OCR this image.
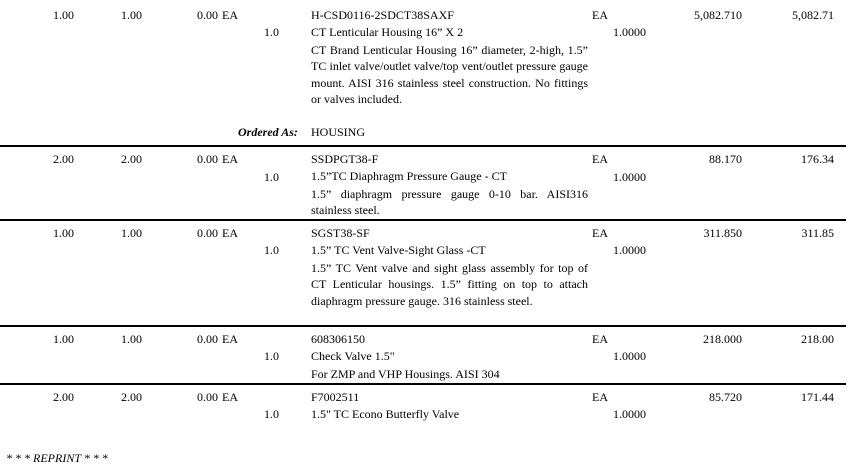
1.00	1.00	0.00 EA	H-CSD0116-2SDCT38SAXF	EA	5,082.710	5,082.71
1.0	CT Lenticular Housing 16” X 2	1.0000
CT Brand Lenticular Housing 16” diameter, 2-high, 1.5” TC inlet valve/outlet valve/top vent/outlet pressure gauge mount. AISI 316 stainless steel construction. No fittings or valves included.
Ordered As: HOUSING
2.00	2.00	0.00 EA	SSDPGT38-F	EA	88.170	176.34
1.0	1.5”TC Diaphragm Pressure Gauge - CT	1.0000
1.5” diaphragm pressure gauge 0-10 bar. AISI316 stainless steel.
1.00	1.00	0.00 EA	SGST38-SF	EA	311.850	311.85
1.0	1.5” TC Vent Valve-Sight Glass -CT	1.0000
1.5” TC Vent valve and sight glass assembly for top of CT Lenticular housings. 1.5” fitting on top to attach diaphragm pressure gauge. 316 stainless steel.
1.00	1.00	0.00 EA	608306150	EA	218.000	218.00
1.0	Check Valve 1.5"	1.0000
For ZMP and VHP Housings. AISI 304
2.00	2.00	0.00 EA	F7002511	EA	85.720	171.44
1.0	1.5" TC Econo Butterfly Valve	1.0000
* * * REPRINT * * *
